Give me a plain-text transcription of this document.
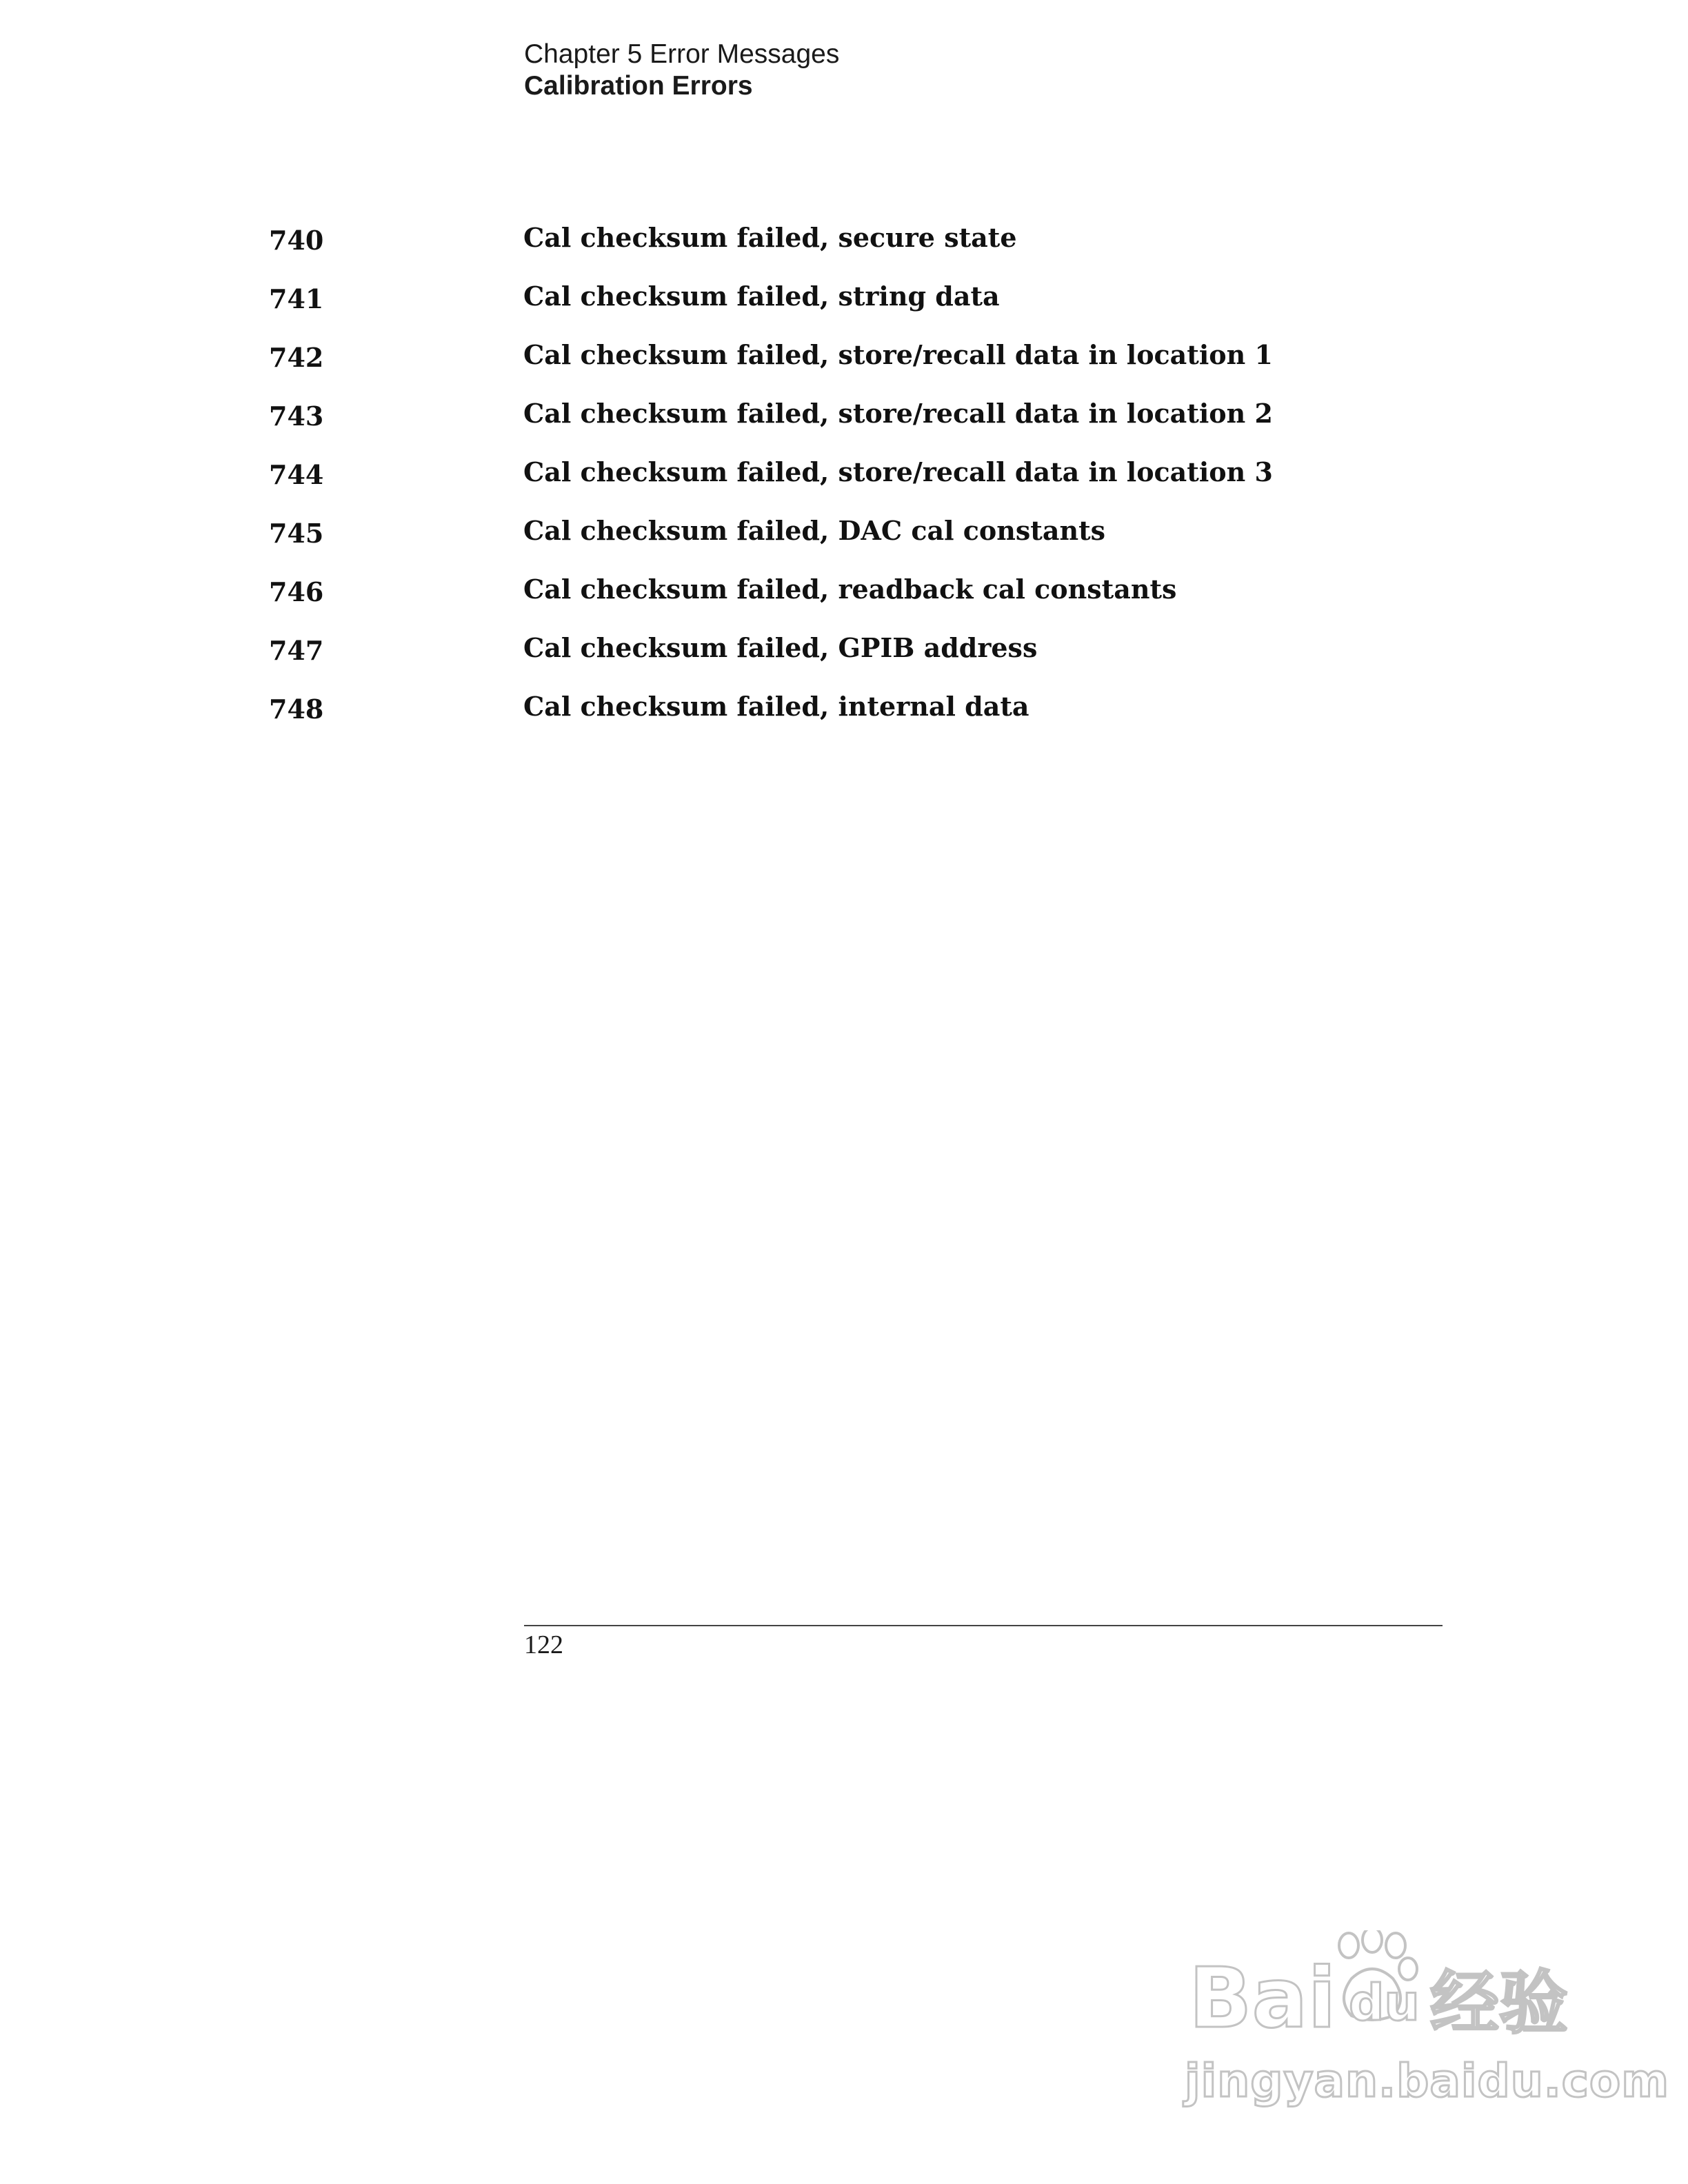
Chapter 5 Error Messages
Calibration Errors
740	Cal checksum failed, secure state
741	Cal checksum failed, string data
742	Cal checksum failed, store/recall data in location 1
743	Cal checksum failed, store/recall data in location 2
744	Cal checksum failed, store/recall data in location 3
745	Cal checksum failed, DAC cal constants
746	Cal checksum failed, readback cal constants
747	Cal checksum failed, GPIB address
748	Cal checksum failed, internal data
122
Bai du 经验
jingyan.baidu.com
